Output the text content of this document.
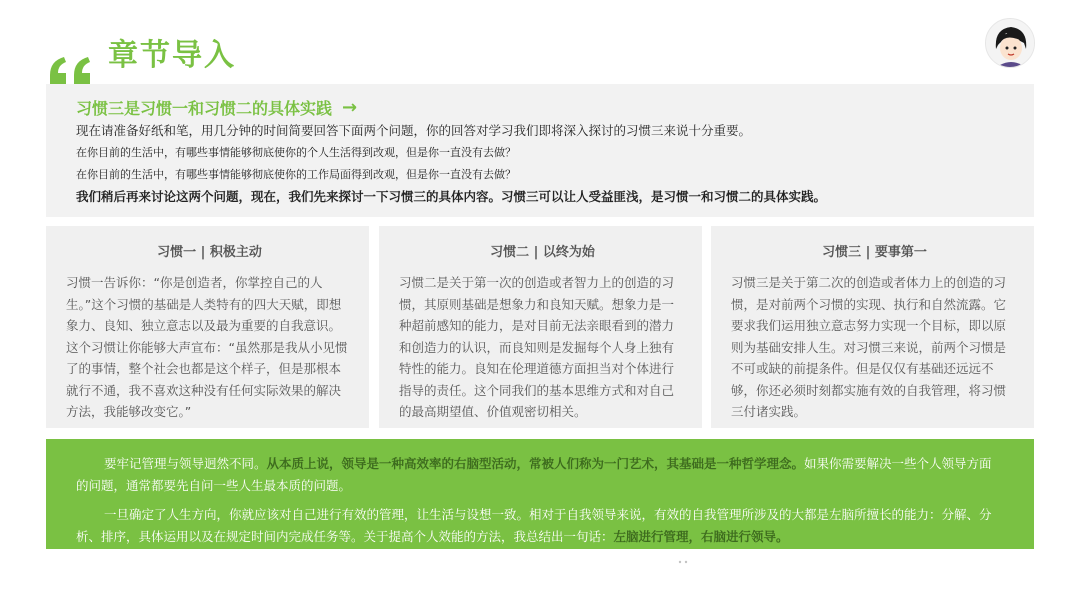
章节导入
习惯三是习惯一和习惯二的具体实践 →

现在请准备好纸和笔，用几分钟的时间简要回答下面两个问题，你的回答对学习我们即将深入探讨的习惯三来说十分重要。

在你目前的生活中，有哪些事情能够彻底使你的个人生活得到改观，但是你一直没有去做？

在你目前的生活中，有哪些事情能够彻底使你的工作局面得到改观，但是你一直没有去做？

我们稍后再来讨论这两个问题，现在，我们先来探讨一下习惯三的具体内容。习惯三可以让人受益匪浅，是习惯一和习惯二的具体实践。

习惯一 | 积极主动
习惯一告诉你：“你是创造者，你掌控自己的人生。”这个习惯的基础是人类特有的四大天赋，即想象力、良知、独立意志以及最为重要的自我意识。这个习惯让你能够大声宣布：“虽然那是我从小见惯了的事情，整个社会也都是这个样子，但是那根本就行不通，我不喜欢这种没有任何实际效果的解决方法，我能够改变它。”
习惯二 | 以终为始
习惯二是关于第一次的创造或者智力上的创造的习惯，其原则基础是想象力和良知天赋。想象力是一种超前感知的能力，是对目前无法亲眼看到的潜力和创造力的认识，而良知则是发掘每个人身上独有特性的能力。良知在伦理道德方面担当对个体进行指导的责任。这个同我们的基本思维方式和对自己的最高期望值、价值观密切相关。
习惯三 | 要事第一
习惯三是关于第二次的创造或者体力上的创造的习惯，是对前两个习惯的实现、执行和自然流露。它要求我们运用独立意志努力实现一个目标，即以原则为基础安排人生。对习惯三来说，前两个习惯是不可或缺的前提条件。但是仅仅有基础还远远不够，你还必须时刻都实施有效的自我管理，将习惯三付诸实践。

要牢记管理与领导迥然不同。从本质上说，领导是一种高效率的右脑型活动，常被人们称为一门艺术，其基础是一种哲学理念。如果你需要解决一些个人领导方面的问题，通常都要先自问一些人生最本质的问题。

一旦确定了人生方向，你就应该对自己进行有效的管理，让生活与设想一致。相对于自我领导来说，有效的自我管理所涉及的大都是左脑所擅长的能力：分解、分析、排序，具体运用以及在规定时间内完成任务等。关于提高个人效能的方法，我总结出一句话：左脑进行管理，右脑进行领导。

℃ 大数跨境
公众号 · 领导者管理笔记
